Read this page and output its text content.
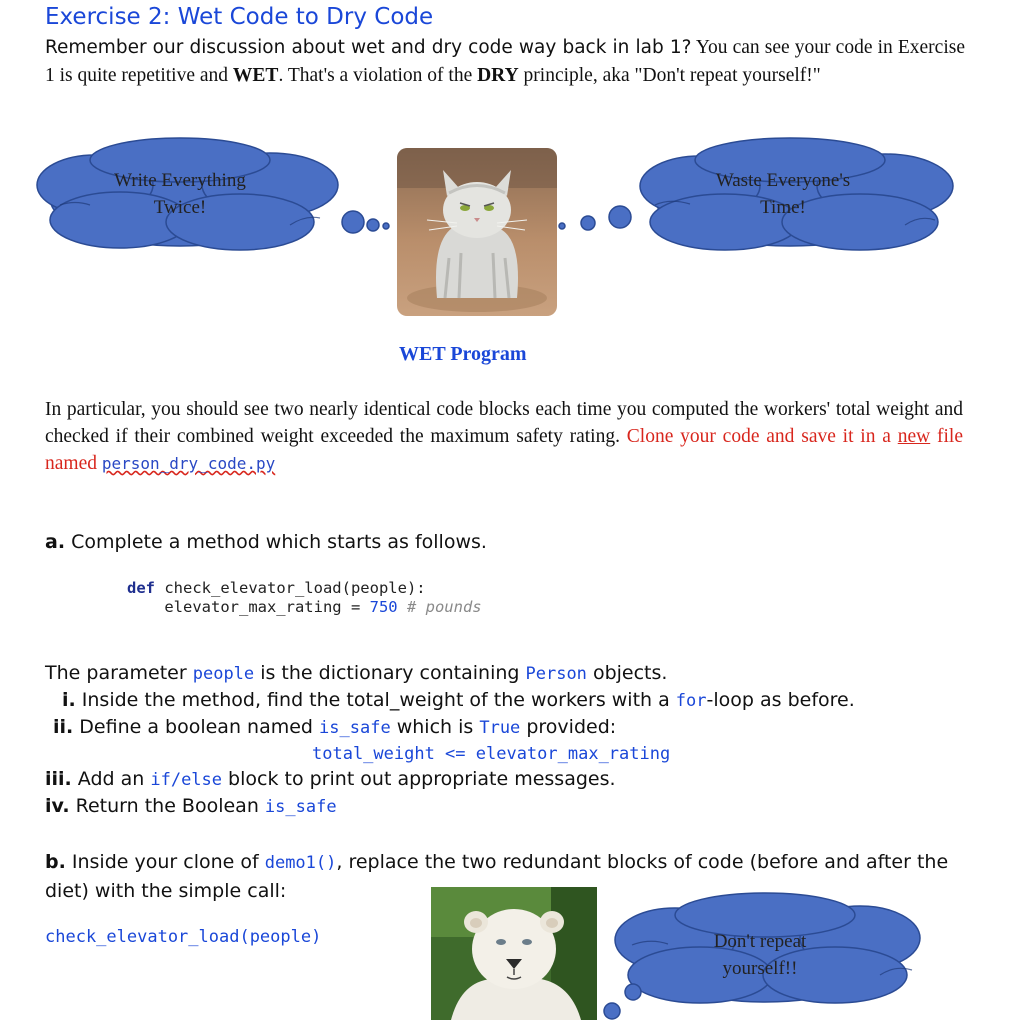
Exercise 2: Wet Code to Dry Code
Remember our discussion about wet and dry code way back in lab 1? You can see your code in Exercise 1 is quite repetitive and WET. That's a violation of the DRY principle, aka "Don't repeat yourself!"
Write Everything
Twice!
Waste Everyone's
Time!
Don't repeat
yourself!!
WET Program
In particular, you should see two nearly identical code blocks each time you computed the workers' total weight and checked if their combined weight exceeded the maximum safety rating. Clone your code and save it in a new file named person_dry_code.py
a. Complete a method which starts as follows.
def check_elevator_load(people):
elevator_max_rating = 750 # pounds
The parameter people is the dictionary containing Person objects.
i. Inside the method, find the total_weight of the workers with a for-loop as before.
ii. Define a boolean named is_safe which is True provided:
total_weight <= elevator_max_rating
iii. Add an if/else block to print out appropriate messages.
iv. Return the Boolean is_safe
b. Inside your clone of demo1(), replace the two redundant blocks of code (before and after the diet) with the simple call:
check_elevator_load(people)
